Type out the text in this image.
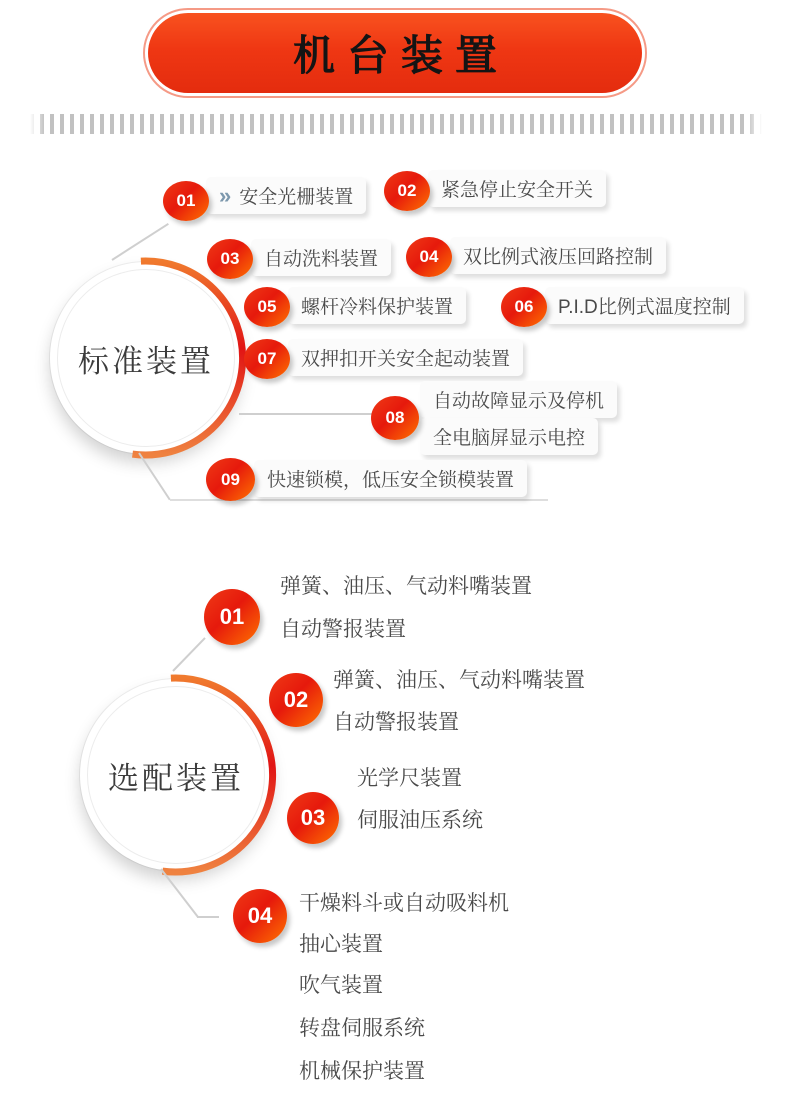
机台装置
标准装置
01	» 安全光栅装置	02	紧急停止安全开关
03	自动洗料装置	04	双比例式液压回路控制
05	螺杆冷料保护装置	06	P.I.D比例式温度控制
07	双押扣开关安全起动装置
08
自动故障显示及停机
全电脑屏显示电控
09	快速锁模，低压安全锁模装置
选配装置
01
弹簧、油压、气动料嘴装置
自动警报装置
02
弹簧、油压、气动料嘴装置
自动警报装置
03
光学尺装置
伺服油压系统
04	干燥料斗或自动吸料机
抽心装置
吹气装置
转盘伺服系统
机械保护装置
